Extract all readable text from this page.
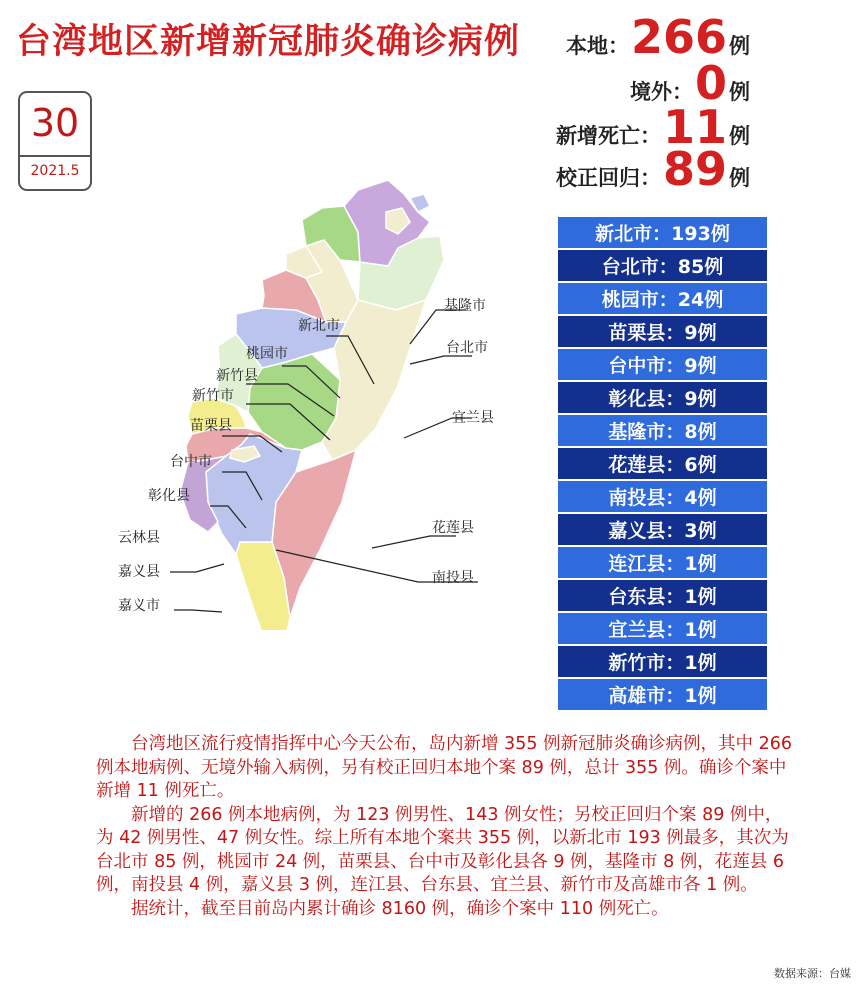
台湾地区新增新冠肺炎确诊病例
30
2021.5
本地： 266 例
境外： 0 例
新增死亡： 11 例
校正回归： 89 例
基隆市
新北市
台北市
桃园市
新竹县
新竹市
宜兰县
苗栗县
台中市
彰化县
花莲县
云林县
嘉义县	南投县
嘉义市
新北市：193例
台北市：85例
桃园市：24例
苗栗县：9例
台中市：9例
彰化县：9例
基隆市：8例
花莲县：6例
南投县：4例
嘉义县：3例
连江县：1例
台东县：1例
宜兰县：1例
新竹市：1例
高雄市：1例

台湾地区流行疫情指挥中心今天公布，岛内新增 355 例新冠肺炎确诊病例，其中 266 例本地病例、无境外输入病例，另有校正回归本地个案 89 例，总计 355 例。确诊个案中新增 11 例死亡。

新增的 266 例本地病例，为 123 例男性、143 例女性；另校正回归个案 89 例中，为 42 例男性、47 例女性。综上所有本地个案共 355 例，以新北市 193 例最多，其次为台北市 85 例，桃园市 24 例，苗栗县、台中市及彰化县各 9 例，基隆市 8 例，花莲县 6 例，南投县 4 例，嘉义县 3 例，连江县、台东县、宜兰县、新竹市及高雄市各 1 例。

据统计，截至目前岛内累计确诊 8160 例，确诊个案中 110 例死亡。

数据来源：台媒
